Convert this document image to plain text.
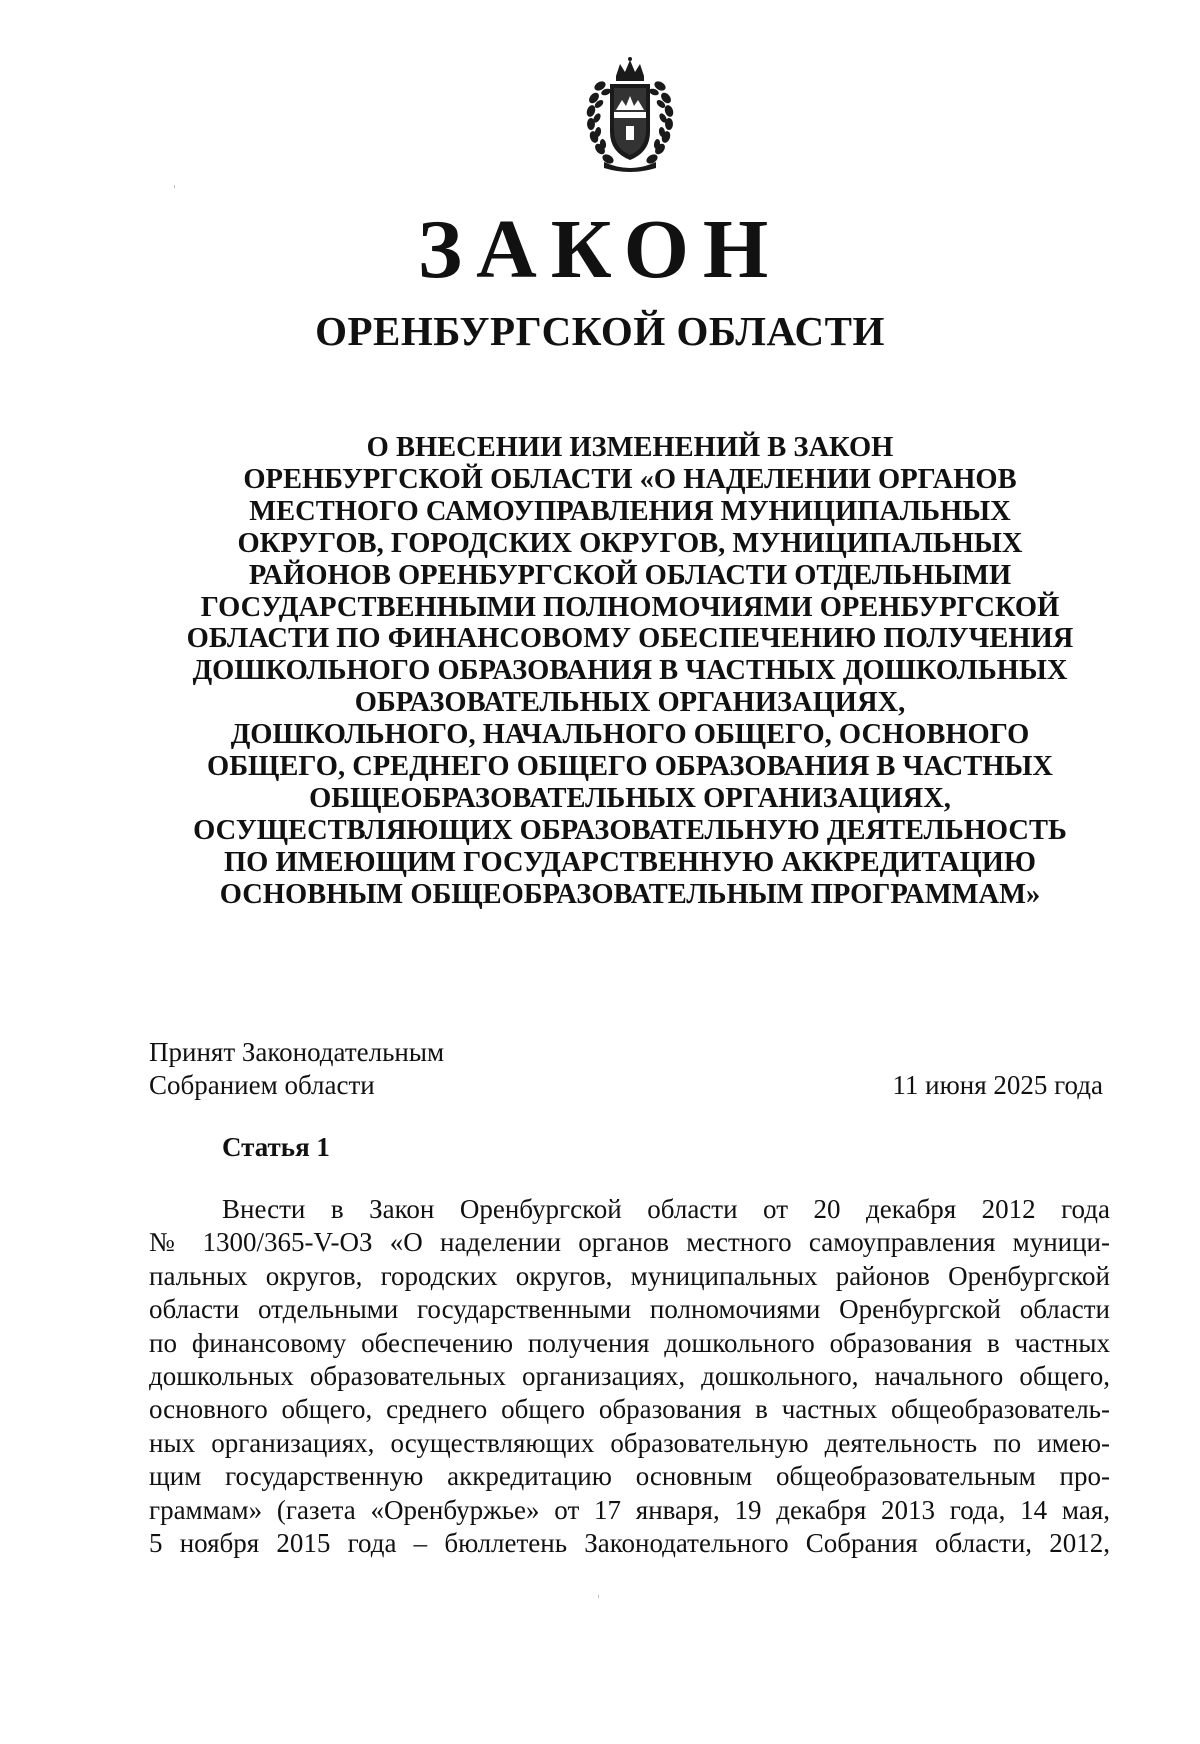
ЗАКОН
ОРЕНБУРГСКОЙ ОБЛАСТИ
О ВНЕСЕНИИ ИЗМЕНЕНИЙ В ЗАКОН
ОРЕНБУРГСКОЙ ОБЛАСТИ «О НАДЕЛЕНИИ ОРГАНОВ
МЕСТНОГО САМОУПРАВЛЕНИЯ МУНИЦИПАЛЬНЫХ
ОКРУГОВ, ГОРОДСКИХ ОКРУГОВ, МУНИЦИПАЛЬНЫХ
РАЙОНОВ ОРЕНБУРГСКОЙ ОБЛАСТИ ОТДЕЛЬНЫМИ
ГОСУДАРСТВЕННЫМИ ПОЛНОМОЧИЯМИ ОРЕНБУРГСКОЙ
ОБЛАСТИ ПО ФИНАНСОВОМУ ОБЕСПЕЧЕНИЮ ПОЛУЧЕНИЯ
ДОШКОЛЬНОГО ОБРАЗОВАНИЯ В ЧАСТНЫХ ДОШКОЛЬНЫХ
ОБРАЗОВАТЕЛЬНЫХ ОРГАНИЗАЦИЯХ,
ДОШКОЛЬНОГО, НАЧАЛЬНОГО ОБЩЕГО, ОСНОВНОГО
ОБЩЕГО, СРЕДНЕГО ОБЩЕГО ОБРАЗОВАНИЯ В ЧАСТНЫХ
ОБЩЕОБРАЗОВАТЕЛЬНЫХ ОРГАНИЗАЦИЯХ,
ОСУЩЕСТВЛЯЮЩИХ ОБРАЗОВАТЕЛЬНУЮ ДЕЯТЕЛЬНОСТЬ
ПО ИМЕЮЩИМ ГОСУДАРСТВЕННУЮ АККРЕДИТАЦИЮ
ОСНОВНЫМ ОБЩЕОБРАЗОВАТЕЛЬНЫМ ПРОГРАММАМ»
Принят Законодательным
Собранием области	11 июня 2025 года
Статья 1
Внести в Закон Оренбургской области от 20 декабря 2012 года
№ 1300/365-V-ОЗ «О наделении органов местного самоуправления муници-
пальных округов, городских округов, муниципальных районов Оренбургской
области отдельными государственными полномочиями Оренбургской области
по финансовому обеспечению получения дошкольного образования в частных
дошкольных образовательных организациях, дошкольного, начального общего,
основного общего, среднего общего образования в частных общеобразователь-
ных организациях, осуществляющих образовательную деятельность по имею-
щим государственную аккредитацию основным общеобразовательным про-
граммам» (газета «Оренбуржье» от 17 января, 19 декабря 2013 года, 14 мая,
5 ноября 2015 года – бюллетень Законодательного Собрания области, 2012,
